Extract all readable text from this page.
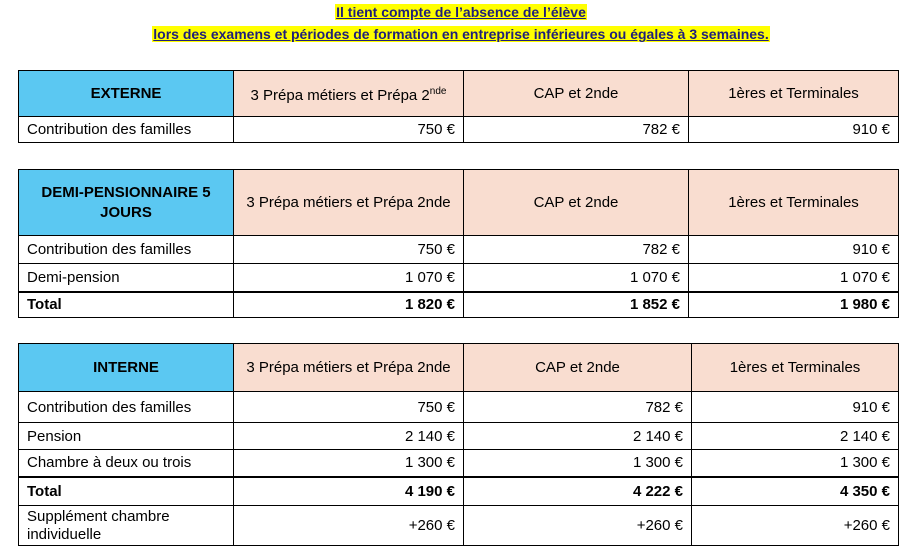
Il tient compte de l’absence de l’élève
lors des examens et périodes de formation en entreprise inférieures ou égales à 3 semaines.
EXTERNE	3 Prépa métiers et Prépa 2nde	CAP et 2nde	1ères et Terminales
Contribution des familles	750 €	782 €	910 €
DEMI-PENSIONNAIRE 5 JOURS	3 Prépa métiers et Prépa 2nde	CAP et 2nde	1ères et Terminales
Contribution des familles	750 €	782 €	910 €
Demi-pension	1 070 €	1 070 €	1 070 €
Total	1 820 €	1 852 €	1 980 €
INTERNE	3 Prépa métiers et Prépa 2nde	CAP et 2nde	1ères et Terminales
Contribution des familles	750 €	782 €	910 €
Pension	2 140 €	2 140 €	2 140 €
Chambre à deux ou trois	1 300 €	1 300 €	1 300 €
Total	4 190 €	4 222 €	4 350 €
Supplément chambre individuelle	+260 €	+260 €	+260 €
